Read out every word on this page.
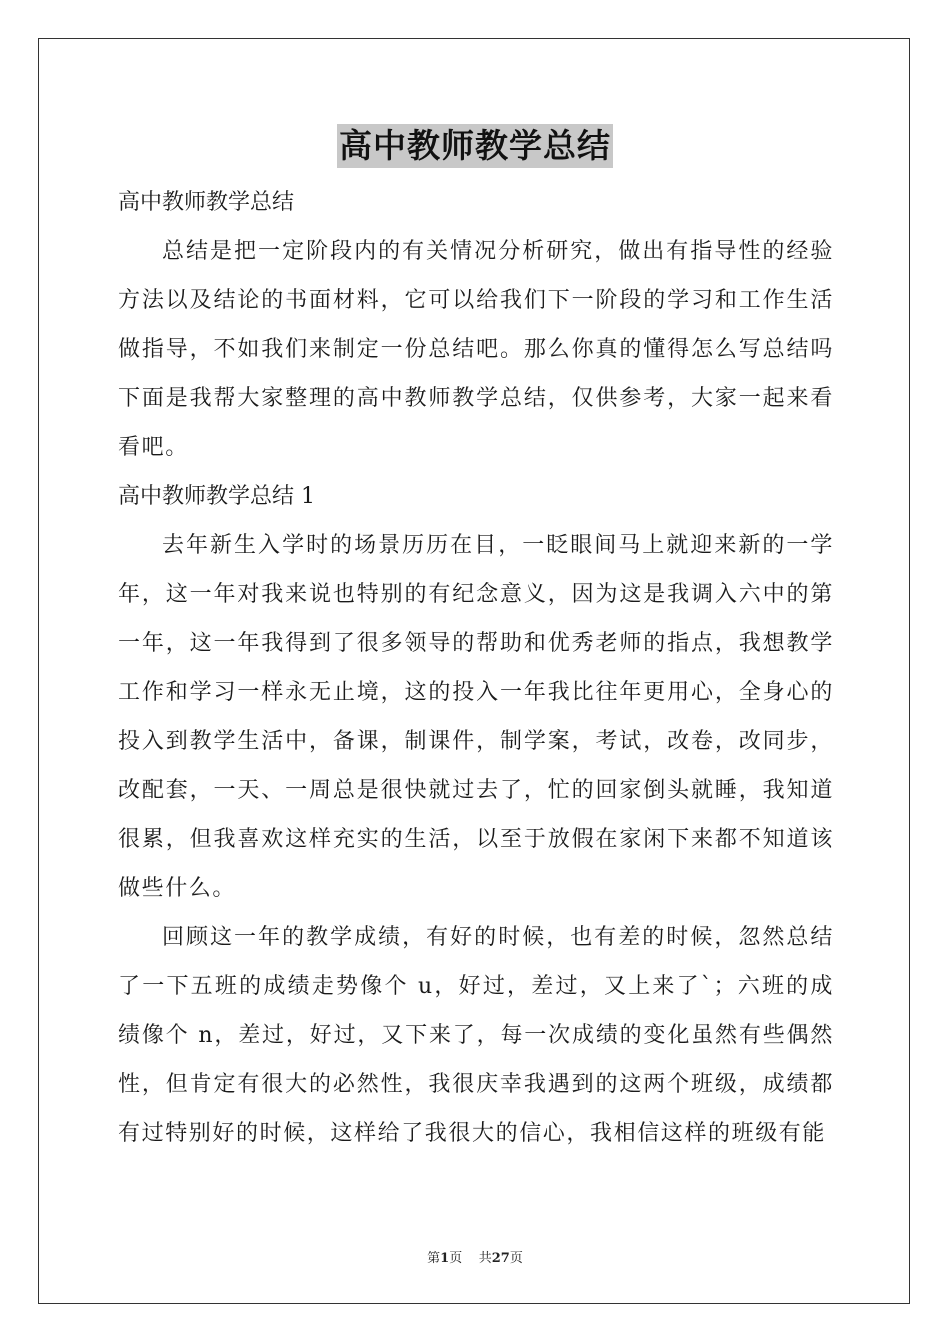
高中教师教学总结

高中教师教学总结

总结是把一定阶段内的有关情况分析研究，做出有指导性的经验方法以及结论的书面材料，它可以给我们下一阶段的学习和工作生活做指导，不如我们来制定一份总结吧。那么你真的懂得怎么写总结吗下面是我帮大家整理的高中教师教学总结，仅供参考，大家一起来看看吧。

高中教师教学总结 1

去年新生入学时的场景历历在目，一眨眼间马上就迎来新的一学年，这一年对我来说也特别的有纪念意义，因为这是我调入六中的第一年，这一年我得到了很多领导的帮助和优秀老师的指点，我想教学工作和学习一样永无止境，这的投入一年我比往年更用心，全身心的投入到教学生活中，备课，制课件，制学案，考试，改卷，改同步，改配套，一天、一周总是很快就过去了，忙的回家倒头就睡，我知道很累，但我喜欢这样充实的生活，以至于放假在家闲下来都不知道该做些什么。

回顾这一年的教学成绩，有好的时候，也有差的时候，忽然总结了一下五班的成绩走势像个 u，好过，差过，又上来了`；六班的成绩像个 n，差过，好过，又下来了，每一次成绩的变化虽然有些偶然性，但肯定有很大的必然性，我很庆幸我遇到的这两个班级，成绩都有过特别好的时候，这样给了我很大的信心，我相信这样的班级有能

第1页 共27页
